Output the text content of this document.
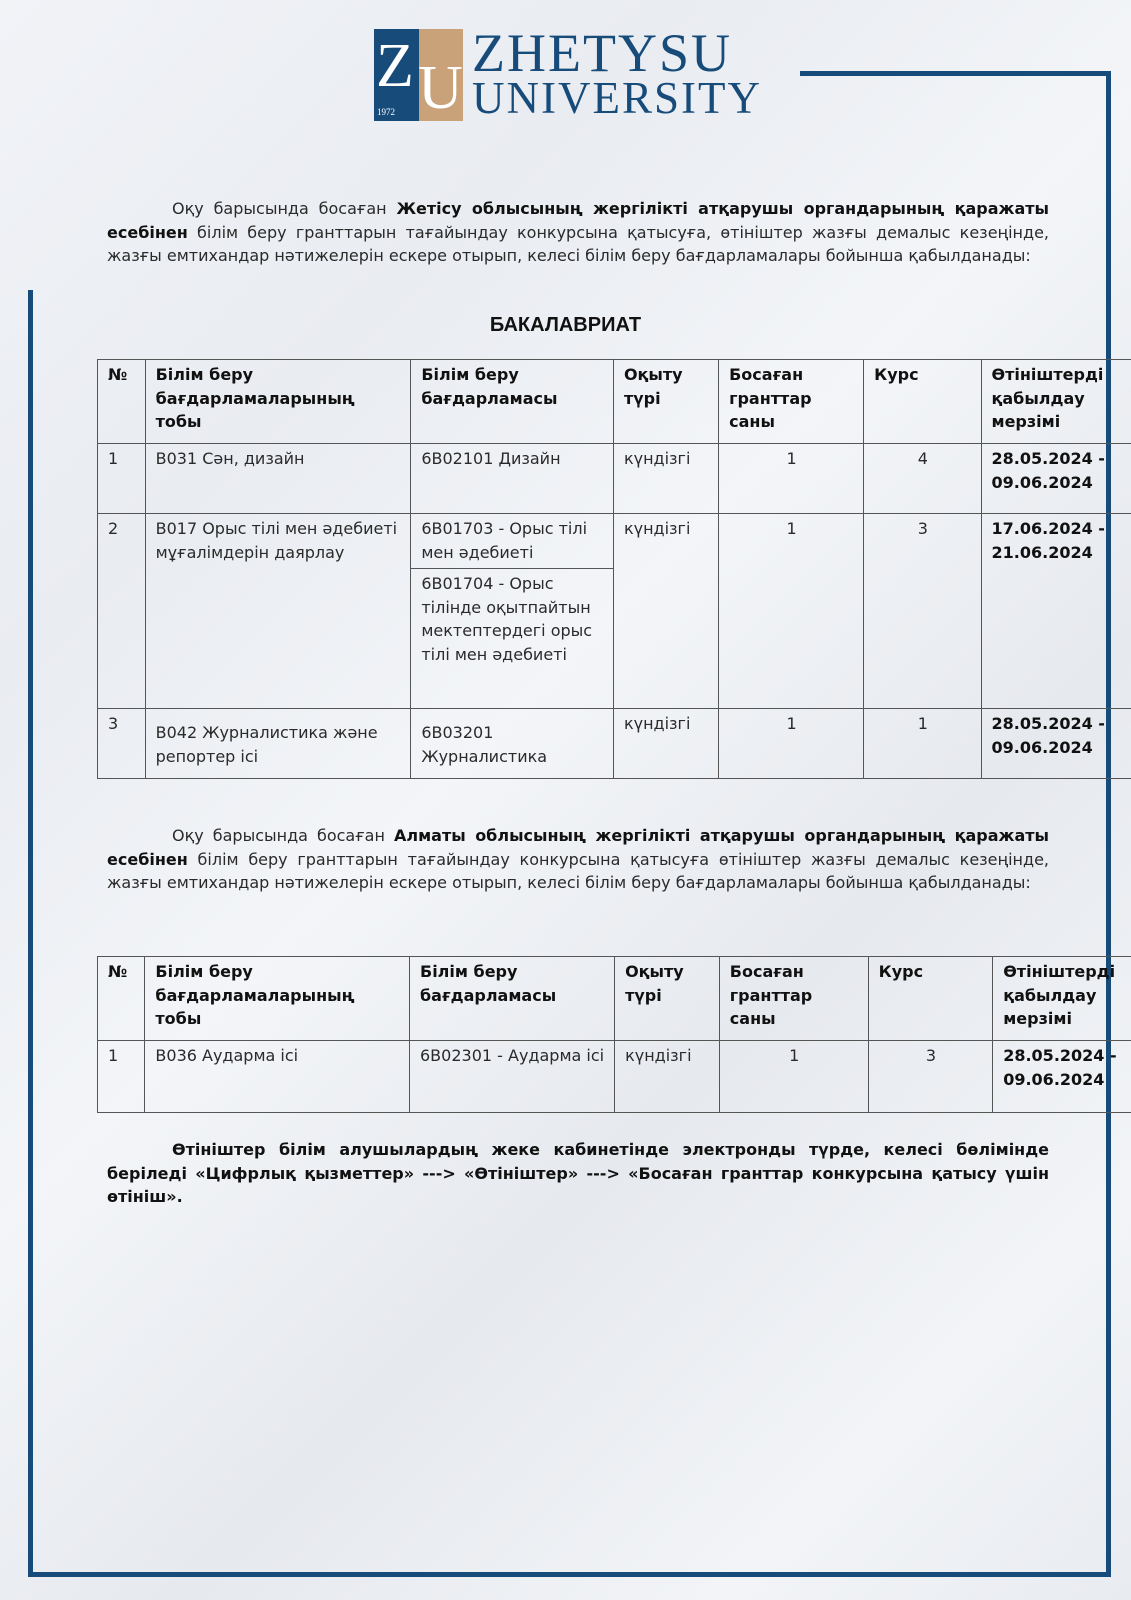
Z U
1972
ZHETYSU
UNIVERSITY

Оқу барысында босаған Жетісу облысының жергілікті атқарушы органдарының қаражаты есебінен білім беру гранттарын тағайындау конкурсына қатысуға, өтініштер жазғы демалыс кезеңінде, жазғы емтихандар нәтижелерін ескере отырып, келесі білім беру бағдарламалары бойынша қабылданады:

БАКАЛАВРИАТ
№	Білім беру бағдарламаларының тобы	Білім беру бағдарламасы	Оқыту түрі	Босаған гранттар саны	Курс	Өтініштерді қабылдау мерзімі
1	B031 Сән, дизайн	6B02101 Дизайн	күндізгі	1	4	28.05.2024 - 09.06.2024
2	B017 Орыс тілі мен әдебиеті мұғалімдерін даярлау	6B01703 - Орыс тілі мен әдебиеті	күндізгі	1	3	17.06.2024 - 21.06.2024
		6B01704 - Орыс тілінде оқытпайтын мектептердегі орыс тілі мен әдебиеті				
3	B042 Журналистика және репортер ісі	6B03201 Журналистика	күндізгі	1	1	28.05.2024 - 09.06.2024

Оқу барысында босаған Алматы облысының жергілікті атқарушы органдарының қаражаты есебінен білім беру гранттарын тағайындау конкурсына қатысуға өтініштер жазғы демалыс кезеңінде, жазғы емтихандар нәтижелерін ескере отырып, келесі білім беру бағдарламалары бойынша қабылданады:

№	Білім беру бағдарламаларының тобы	Білім беру бағдарламасы	Оқыту түрі	Босаған гранттар саны	Курс	Өтініштерді қабылдау мерзімі
1	B036 Аударма ісі	6B02301 - Аударма ісі	күндізгі	1	3	28.05.2024 - 09.06.2024

Өтініштер білім алушылардың жеке кабинетінде электронды түрде, келесі бөлімінде беріледі «Цифрлық қызметтер» ---> «Өтініштер» ---> «Босаған гранттар конкурсына қатысу үшін өтініш».
